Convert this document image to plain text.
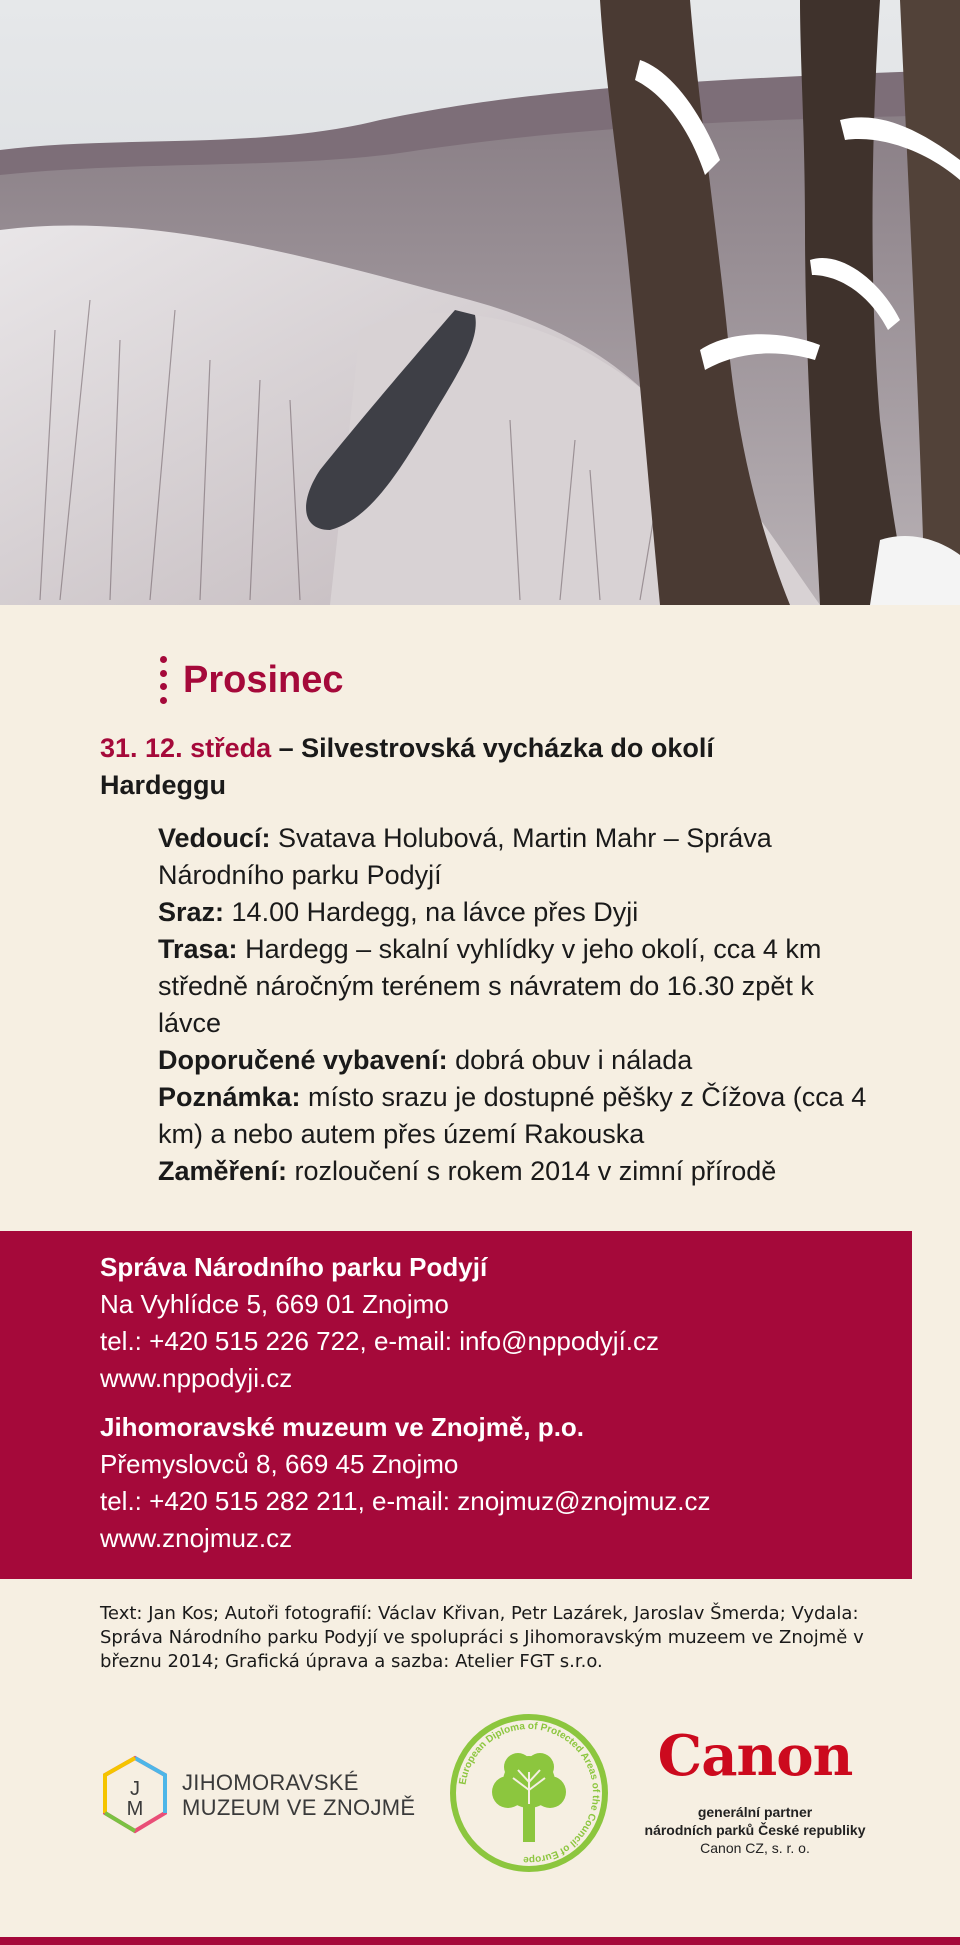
Prosinec
31. 12. středa – Silvestrovská vycházka do okolí Hardeggu

Vedoucí: Svatava Holubová, Martin Mahr – Správa Národního parku Podyjí

Sraz: 14.00 Hardegg, na lávce přes Dyji

Trasa: Hardegg – skalní vyhlídky v jeho okolí, cca 4 km středně náročným terénem s návratem do 16.30 zpět k lávce

Doporučené vybavení: dobrá obuv i nálada

Poznámka: místo srazu je dostupné pěšky z Čížova (cca 4 km) a nebo autem přes území Rakouska

Zaměření: rozloučení s rokem 2014 v zimní přírodě

Správa Národního parku Podyjí
Na Vyhlídce 5, 669 01 Znojmo
tel.: +420 515 226 722, e-mail: info@nppodyjí.cz
www.nppodyji.cz
Jihomoravské muzeum ve Znojmě, p.o.
Přemyslovců 8, 669 45 Znojmo
tel.: +420 515 282 211, e-mail: znojmuz@znojmuz.cz
www.znojmuz.cz
Text: Jan Kos; Autoři fotografií: Václav Křivan, Petr Lazárek, Jaroslav Šmerda; Vydala: Správa Národního parku Podyjí ve spolupráci s Jihomoravským muzeem ve Znojmě v březnu 2014; Grafická úprava a sazba: Atelier FGT s.r.o.
J
M
JIHOMORAVSKÉ
MUZEUM VE ZNOJMĚ
European Diploma of Protected Areas of the Council of Europe
Canon
generální partner
národních parků České republiky
Canon CZ, s. r. o.
